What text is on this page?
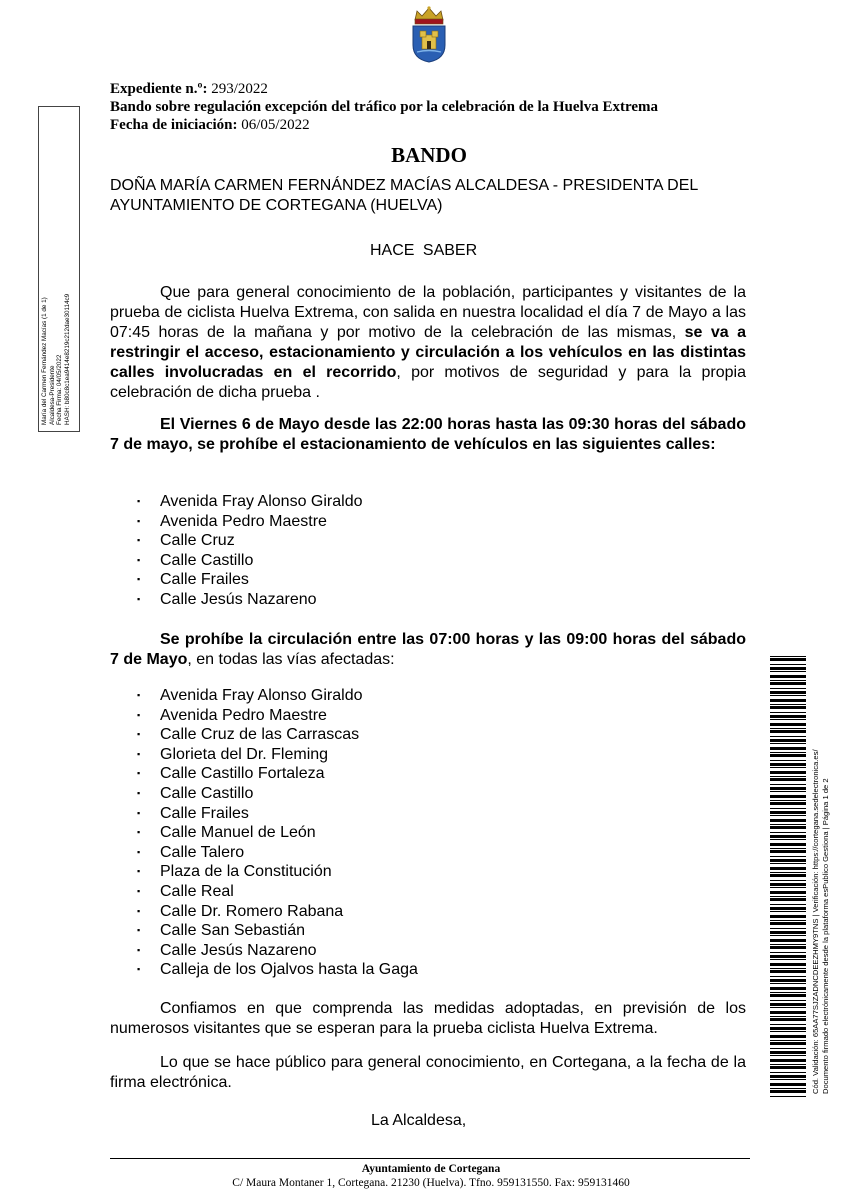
Expediente n.º: 293/2022
Bando sobre regulación excepción del tráfico por la celebración de la Huelva Extrema
Fecha de iniciación: 06/05/2022
BANDO
DOÑA MARÍA CARMEN FERNÁNDEZ MACÍAS ALCALDESA - PRESIDENTA DEL AYUNTAMIENTO DE CORTEGANA (HUELVA)
HACE SABER
Que para general conocimiento de la población, participantes y visitantes de la prueba de ciclista Huelva Extrema, con salida en nuestra localidad el día 7 de Mayo a las 07:45 horas de la mañana y por motivo de la celebración de las mismas, se va a restringir el acceso, estacionamiento y circulación a los vehículos en las distintas calles involucradas en el recorrido, por motivos de seguridad y para la propia celebración de dicha prueba .
El Viernes 6 de Mayo desde las 22:00 horas hasta las 09:30 horas del sábado 7 de mayo, se prohíbe el estacionamiento de vehículos en las siguientes calles:
▪ Avenida Fray Alonso Giraldo
▪ Avenida Pedro Maestre
▪ Calle Cruz
▪ Calle Castillo
▪ Calle Frailes
▪ Calle Jesús Nazareno
Se prohíbe la circulación entre las 07:00 horas y las 09:00 horas del sábado 7 de Mayo, en todas las vías afectadas:
▪ Avenida Fray Alonso Giraldo
▪ Avenida Pedro Maestre
▪ Calle Cruz de las Carrascas
▪ Glorieta del Dr. Fleming
▪ Calle Castillo Fortaleza
▪ Calle Castillo
▪ Calle Frailes
▪ Calle Manuel de León
▪ Calle Talero
▪ Plaza de la Constitución
▪ Calle Real
▪ Calle Dr. Romero Rabana
▪ Calle San Sebastián
▪ Calle Jesús Nazareno
▪ Calleja de los Ojalvos hasta la Gaga
Confiamos en que comprenda las medidas adoptadas, en previsión de los numerosos visitantes que se esperan para la prueba ciclista Huelva Extrema.
Lo que se hace público para general conocimiento, en Cortegana, a la fecha de la firma electrónica.
La Alcaldesa,
María del Carmen Fernández Macías (1 de 1) Alcaldesa-Presidente Fecha Firma: 04/05/2022 HASH: b80c8c1ea9414e8219c212dae30114c9
Cód. Validación: 65AA77SJZADNCDEEZHMY9TNS | Verificación: https://cortegana.sedelectronica.es/ Documento firmado electrónicamente desde la plataforma esPublico Gestiona | Página 1 de 2
Ayuntamiento de Cortegana
C/ Maura Montaner 1, Cortegana. 21230 (Huelva). Tfno. 959131550. Fax: 959131460
